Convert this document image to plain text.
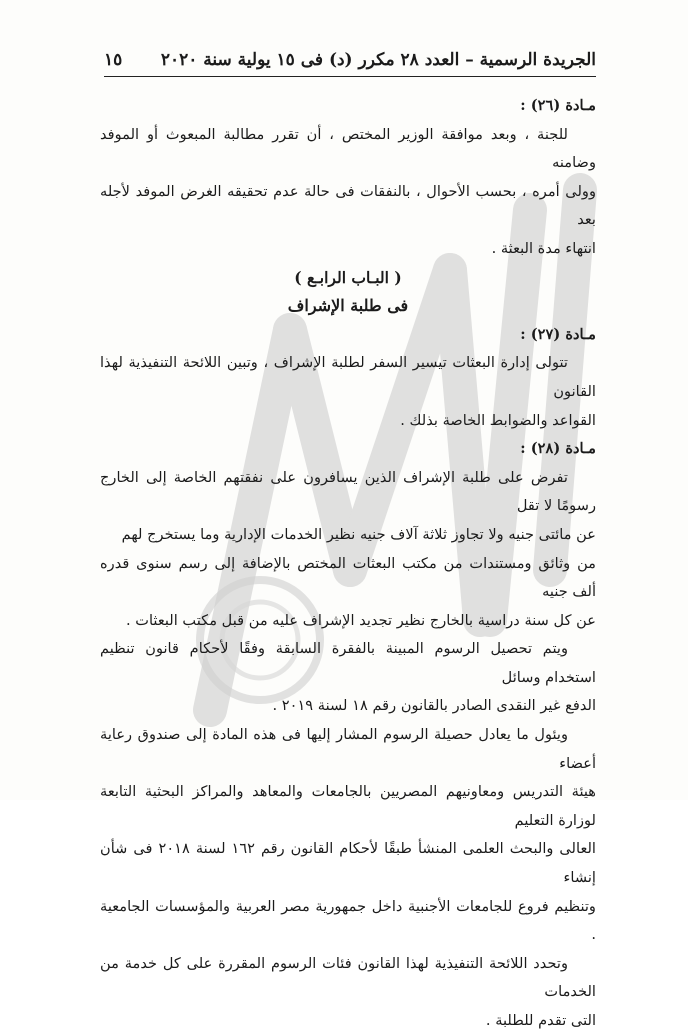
الجريدة الرسمية – العدد ٢٨ مكرر (د) فى ١٥ يولية سنة ٢٠٢٠
١٥

مـادة (٢٦) :

للجنة ، وبعد موافقة الوزير المختص ، أن تقرر مطالبة المبعوث أو الموفد وضامنه

وولى أمره ، بحسب الأحوال ، بالنفقات فى حالة عدم تحقيقه الغرض الموفد لأجله بعد

انتهاء مدة البعثة .

( البـاب الرابـع )

فى طلبة الإشراف

مـادة (٢٧) :

تتولى إدارة البعثات تيسير السفر لطلبة الإشراف ، وتبين اللائحة التنفيذية لهذا القانون

القواعد والضوابط الخاصة بذلك .

مـادة (٢٨) :

تفرض على طلبة الإشراف الذين يسافرون على نفقتهم الخاصة إلى الخارج رسومًا لا تقل

عن مائتى جنيه ولا تجاوز ثلاثة آلاف جنيه نظير الخدمات الإدارية وما يستخرج لهم

من وثائق ومستندات من مكتب البعثات المختص بالإضافة إلى رسم سنوى قدره ألف جنيه

عن كل سنة دراسية بالخارج نظير تجديد الإشراف عليه من قبل مكتب البعثات .

ويتم تحصيل الرسوم المبينة بالفقرة السابقة وفقًا لأحكام قانون تنظيم استخدام وسائل

الدفع غير النقدى الصادر بالقانون رقم ١٨ لسنة ٢٠١٩ .

ويئول ما يعادل حصيلة الرسوم المشار إليها فى هذه المادة إلى صندوق رعاية أعضاء

هيئة التدريس ومعاونيهم المصريين بالجامعات والمعاهد والمراكز البحثية التابعة لوزارة التعليم

العالى والبحث العلمى المنشأ طبقًا لأحكام القانون رقم ١٦٢ لسنة ٢٠١٨ فى شأن إنشاء

وتنظيم فروع للجامعات الأجنبية داخل جمهورية مصر العربية والمؤسسات الجامعية .

وتحدد اللائحة التنفيذية لهذا القانون فئات الرسوم المقررة على كل خدمة من الخدمات

التى تقدم للطلبة .
